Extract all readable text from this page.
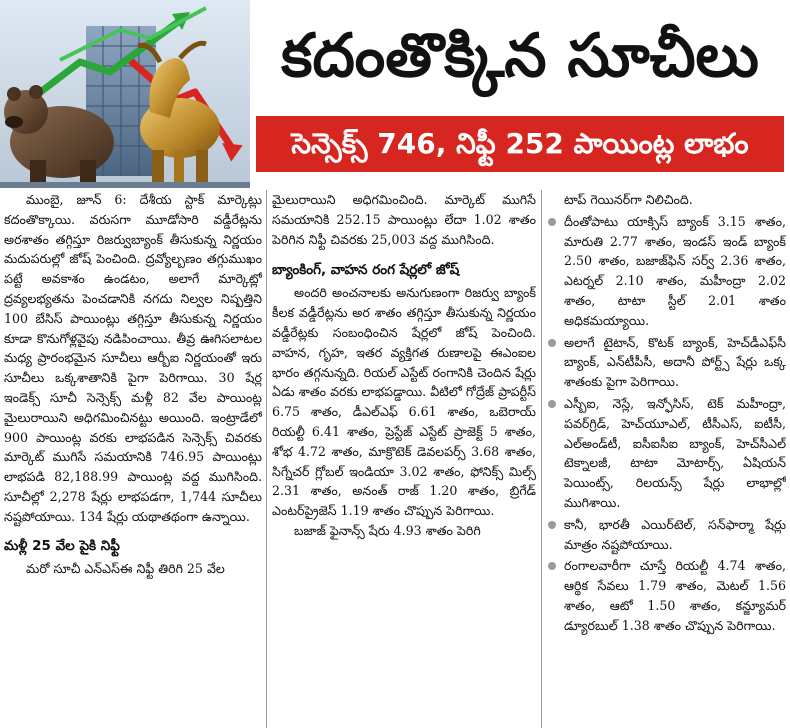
కదంతొక్కిన సూచీలు
సెన్సెక్స్‌ 746, నిఫ్టీ 252 పాయింట్ల లాభం

ముంబై, జూన్‌ 6: దేశీయ స్టాక్‌ మార్కెట్లు కదంతొక్కాయి. వరుసగా మూడోసారి వడ్డీరేట్లను అరశాతం తగ్గిస్తూ రిజర్వుబ్యాంక్‌ తీసుకున్న నిర్ణయం మదుపరుల్లో జోష్‌ పెంచింది. ద్రవ్యోల్బణం తగ్గుముఖం పట్టే అవకాశం ఉండటం, అలాగే మార్కెట్లో ద్రవ్యలభ్యతను పెంచడానికి నగదు నిల్వల నిష్పత్తిని 100 బేసిస్‌ పాయింట్లు తగ్గిస్తూ తీసుకున్న నిర్ణయం కూడా కొనుగోళ్లవైపు నడిపించాయి. తీవ్ర ఊగిసలాటల మధ్య ప్రారంభమైన సూచీలు ఆర్బీఐ నిర్ణయంతో ఇరు సూచీలు ఒక్కశాతానికి పైగా పెరిగాయి. 30 షేర్ల ఇండెక్స్‌ సూచీ సెన్సెక్స్‌ మళ్లీ 82 వేల పాయింట్ల మైలురాయిని అధిగమించినట్టు అయింది. ఇంట్రాడేలో 900 పాయింట్ల వరకు లాభపడిన సెన్సెక్స్‌ చివరకు మార్కెట్‌ ముగిసే సమయానికి 746.95 పాయింట్లు లాభపడి 82,188.99 పాయింట్ల వద్ద ముగిసింది. సూచీల్లో 2,278 షేర్లు లాభపడగా, 1,744 సూచీలు నష్టపోయాయి. 134 షేర్లు యథాతథంగా ఉన్నాయి.

మళ్లీ 25 వేల పైకి నిఫ్టీ

మరో సూచీ ఎన్‌ఎస్‌ఈ నిఫ్టీ తిరిగి 25 వేల

మైలురాయిని అధిగమించింది. మార్కెట్‌ ముగిసే సమయానికి 252.15 పాయింట్లు లేదా 1.02 శాతం పెరిగిన నిఫ్టీ చివరకు 25,003 వద్ద ముగిసింది.

బ్యాంకింగ్‌, వాహన రంగ షేర్లలో జోష్‌

అందరి అంచనాలకు అనుగుణంగా రిజర్వు బ్యాంక్‌ కీలక వడ్డీరేట్లను అర శాతం తగ్గిస్తూ తీసుకున్న నిర్ణయం వడ్డీరేట్లకు సంబంధించిన షేర్లలో జోష్‌ పెంచింది. వాహన, గృహ, ఇతర వ్యక్తిగత రుణాలపై ఈఎంఐల భారం తగ్గనున్నది. రియల్‌ ఎస్టేట్‌ రంగానికి చెందిన షేర్లు ఏడు శాతం వరకు లాభపడ్డాయి. వీటిలో గోద్రేజ్‌ ప్రాపర్టీస్‌ 6.75 శాతం, డీఎల్‌ఎఫ్‌ 6.61 శాతం, ఒబెరాయ్‌ రియల్టీ 6.41 శాతం, ప్రెస్టేజ్‌ ఎస్టేట్‌ ప్రాజెక్ట్‌ 5 శాతం, శోభ 4.72 శాతం, మాక్రొటెక్‌ డెవలపర్స్‌ 3.68 శాతం, సిగ్నేచర్‌ గ్లోబల్‌ ఇండియా 3.02 శాతం, ఫోనిక్స్‌ మిల్స్‌ 2.31 శాతం, అనంత్‌ రాజ్‌ 1.20 శాతం, బ్రిగేడ్‌ ఎంటర్‌ప్రైజెస్‌ 1.19 శాతం చొప్పున పెరిగాయి.

బజాజ్‌ ఫైనాన్స్‌ షేరు 4.93 శాతం పెరిగి

టాప్‌ గెయినర్‌గా నిలిచింది.
దీంతోపాటు యాక్సిస్‌ బ్యాంక్‌ 3.15 శాతం, మారుతి 2.77 శాతం, ఇండస్‌ ఇండ్‌ బ్యాంక్‌ 2.50 శాతం, బజాజ్‌ఫిన్‌ సర్వ్‌ 2.36 శాతం, ఎటర్నల్‌ 2.10 శాతం, మహీంద్రా 2.02 శాతం, టాటా స్టీల్‌ 2.01 శాతం అధికమయ్యాయి.
అలాగే టైటాన్‌, కొటక్‌ బ్యాంక్‌, హెచ్‌డీఎఫ్‌సీ బ్యాంక్‌, ఎన్‌టీపీసీ, అదానీ పోర్ట్స్‌ షేర్లు ఒక్క శాతంకు పైగా పెరిగాయి.
ఎస్బీఐ, నెస్లే, ఇన్ఫోసిస్‌, టెక్‌ మహీంద్రా, పవర్‌గ్రిడ్‌, హెచ్‌యూఎల్‌, టీసీఎస్‌, ఐటీసీ, ఎల్‌అండ్‌టీ, ఐసీఐసీఐ బ్యాంక్‌, హెచ్‌సీఎల్‌ టెక్నాలజీ, టాటా మోటార్స్‌, ఏషియన్‌ పెయింట్స్‌, రిలయన్స్‌ షేర్లు లాభాల్లో ముగిశాయి.
కానీ, భారతీ ఎయిర్‌టెల్‌, సన్‌ఫార్మా షేర్లు మాత్రం నష్టపోయాయి.
రంగాలవారీగా చూస్తే రియల్టీ 4.74 శాతం, ఆర్థిక సేవలు 1.79 శాతం, మెటల్‌ 1.56 శాతం, ఆటో 1.50 శాతం, కన్జ్యూమర్‌ డ్యూరబుల్‌ 1.38 శాతం చొప్పున పెరిగాయి.
